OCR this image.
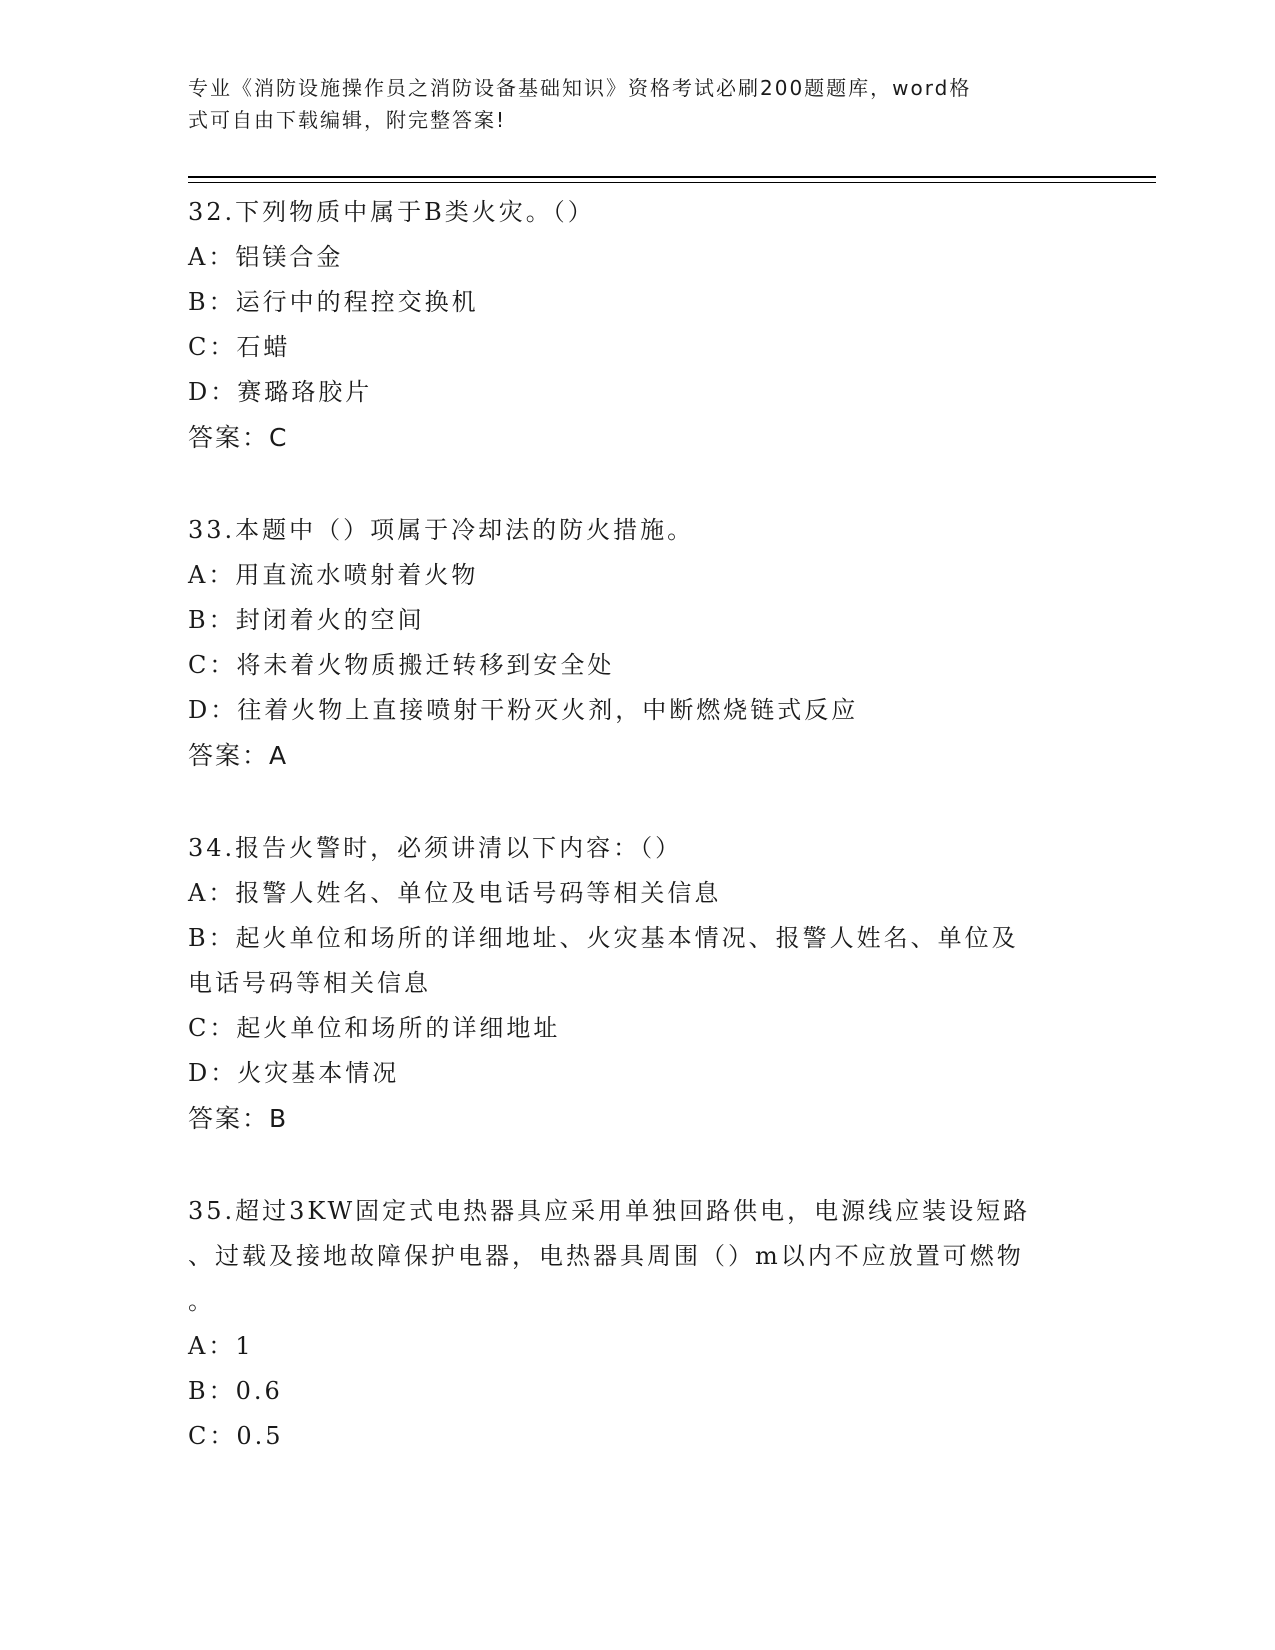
专业《消防设施操作员之消防设备基础知识》资格考试必刷200题题库，word格
式可自由下载编辑，附完整答案!
32.下列物质中属于B类火灾。（）
A：铝镁合金
B：运行中的程控交换机
C：石蜡
D：赛璐珞胶片
答案：C
33.本题中（）项属于冷却法的防火措施。
A：用直流水喷射着火物
B：封闭着火的空间
C：将未着火物质搬迁转移到安全处
D：往着火物上直接喷射干粉灭火剂，中断燃烧链式反应
答案：A
34.报告火警时，必须讲清以下内容：（）
A：报警人姓名、单位及电话号码等相关信息
B：起火单位和场所的详细地址、火灾基本情况、报警人姓名、单位及
电话号码等相关信息
C：起火单位和场所的详细地址
D：火灾基本情况
答案：B
35.超过3KW固定式电热器具应采用单独回路供电，电源线应装设短路
、过载及接地故障保护电器，电热器具周围（）m以内不应放置可燃物
。
A：1
B：0.6
C：0.5
